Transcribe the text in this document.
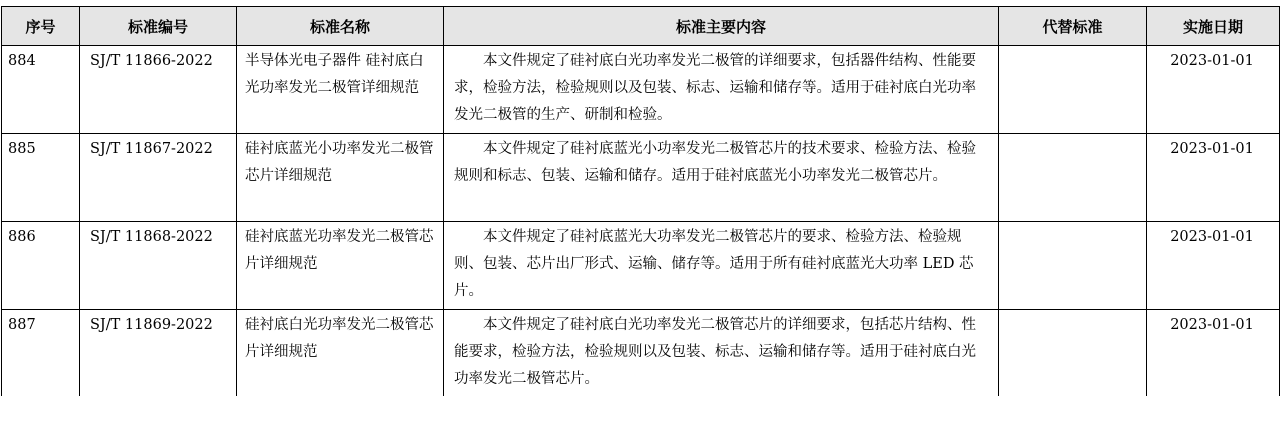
序号	标准编号	标准名称	标准主要内容	代替标准	实施日期
884	SJ/T 11866-2022	半导体光电子器件 硅衬底白光功率发光二极管详细规范	本文件规定了硅衬底白光功率发光二极管的详细要求，包括器件结构、性能要求，检验方法，检验规则以及包装、标志、运输和储存等。适用于硅衬底白光功率发光二极管的生产、研制和检验。		2023-01-01
885	SJ/T 11867-2022	硅衬底蓝光小功率发光二极管芯片详细规范	本文件规定了硅衬底蓝光小功率发光二极管芯片的技术要求、检验方法、检验规则和标志、包装、运输和储存。适用于硅衬底蓝光小功率发光二极管芯片。		2023-01-01
886	SJ/T 11868-2022	硅衬底蓝光功率发光二极管芯片详细规范	本文件规定了硅衬底蓝光大功率发光二极管芯片的要求、检验方法、检验规则、包装、芯片出厂形式、运输、储存等。适用于所有硅衬底蓝光大功率 LED 芯片。		2023-01-01
887	SJ/T 11869-2022	硅衬底白光功率发光二极管芯片详细规范	本文件规定了硅衬底白光功率发光二极管芯片的详细要求，包括芯片结构、性能要求，检验方法，检验规则以及包装、标志、运输和储存等。适用于硅衬底白光功率发光二极管芯片。		2023-01-01
